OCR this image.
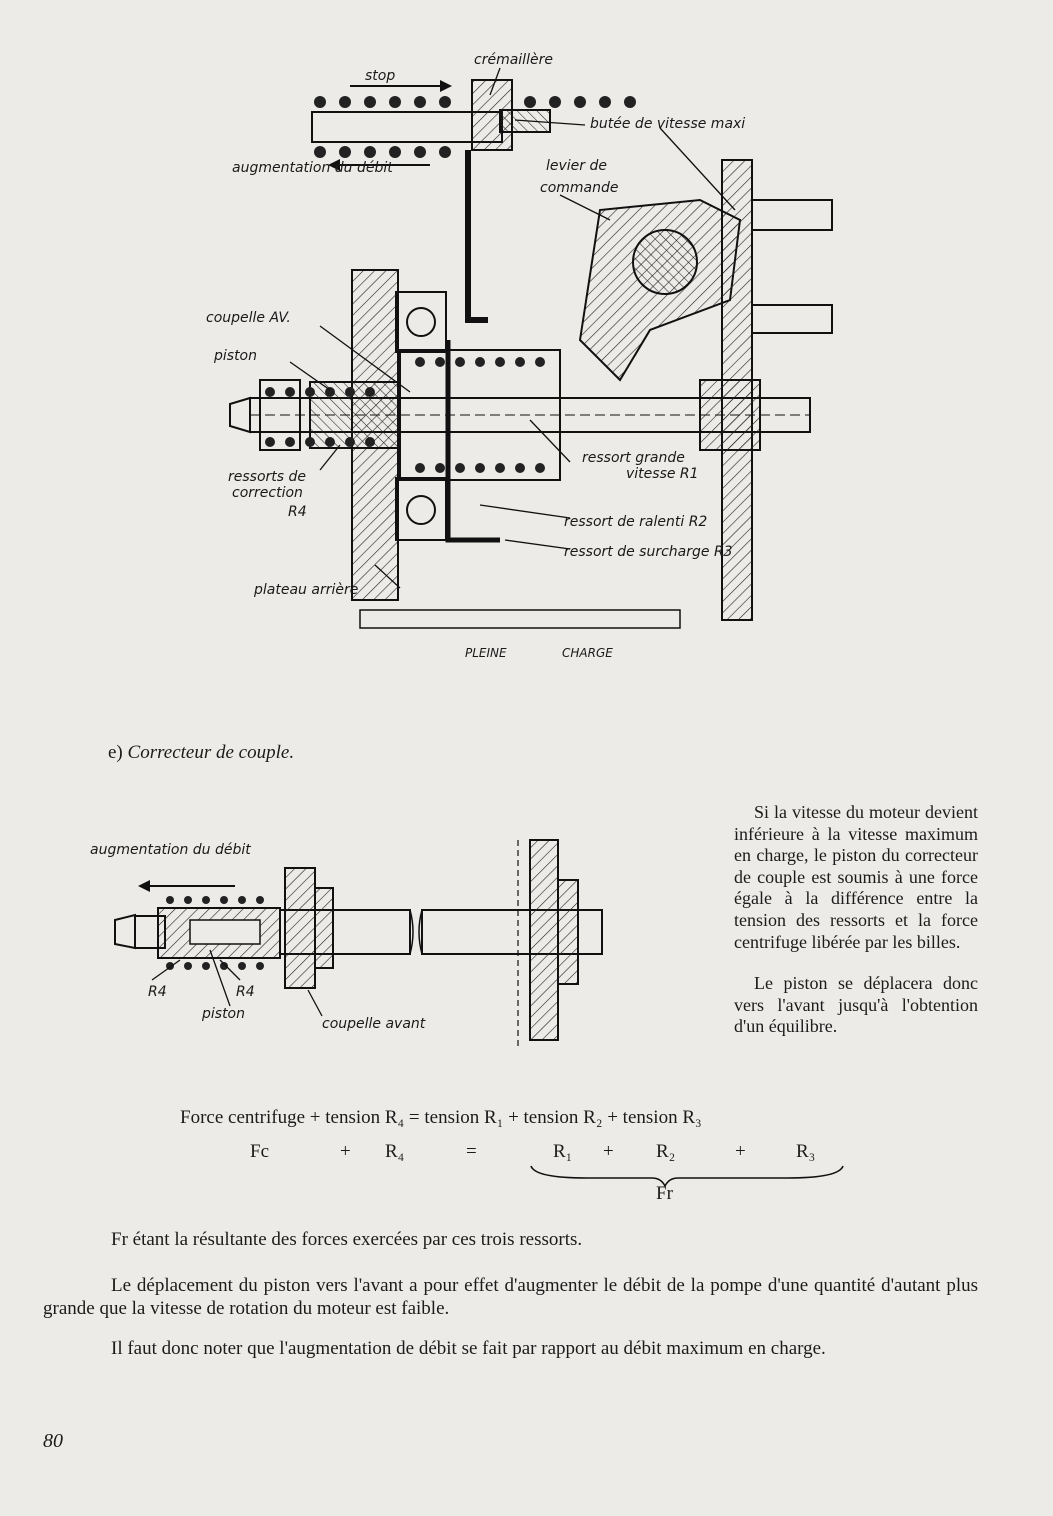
stop
crémaillère
butée de vitesse maxi
augmentation du débit	levier de
commande
coupelle AV.
piston
ressorts de
correction
R4
ressort grande
vitesse R1
ressort de ralenti R2
ressort de surcharge R3
plateau arrière
PLEINE	CHARGE
e) Correcteur de couple.
augmentation du débit
R4	R4
piston
coupelle avant

Si la vitesse du moteur devient inférieure à la vitesse maximum en charge, le piston du correcteur de couple est soumis à une force égale à la différence entre la tension des ressorts et la force centrifuge libérée par les billes.

Le piston se déplacera donc vers l'avant jusqu'à l'obtention d'un équilibre.

Force centrifuge + tension R₄ = tension R₁ + tension R₂ + tension R₃
Fc	+ R₄	=	R₁ + R₂	+	R₃
Fr
Fr étant la résultante des forces exercées par ces trois ressorts.
Le déplacement du piston vers l'avant a pour effet d'augmenter le débit de la pompe d'une quantité d'autant plus grande que la vitesse de rotation du moteur est faible.
Il faut donc noter que l'augmentation de débit se fait par rapport au débit maximum en charge.
80
